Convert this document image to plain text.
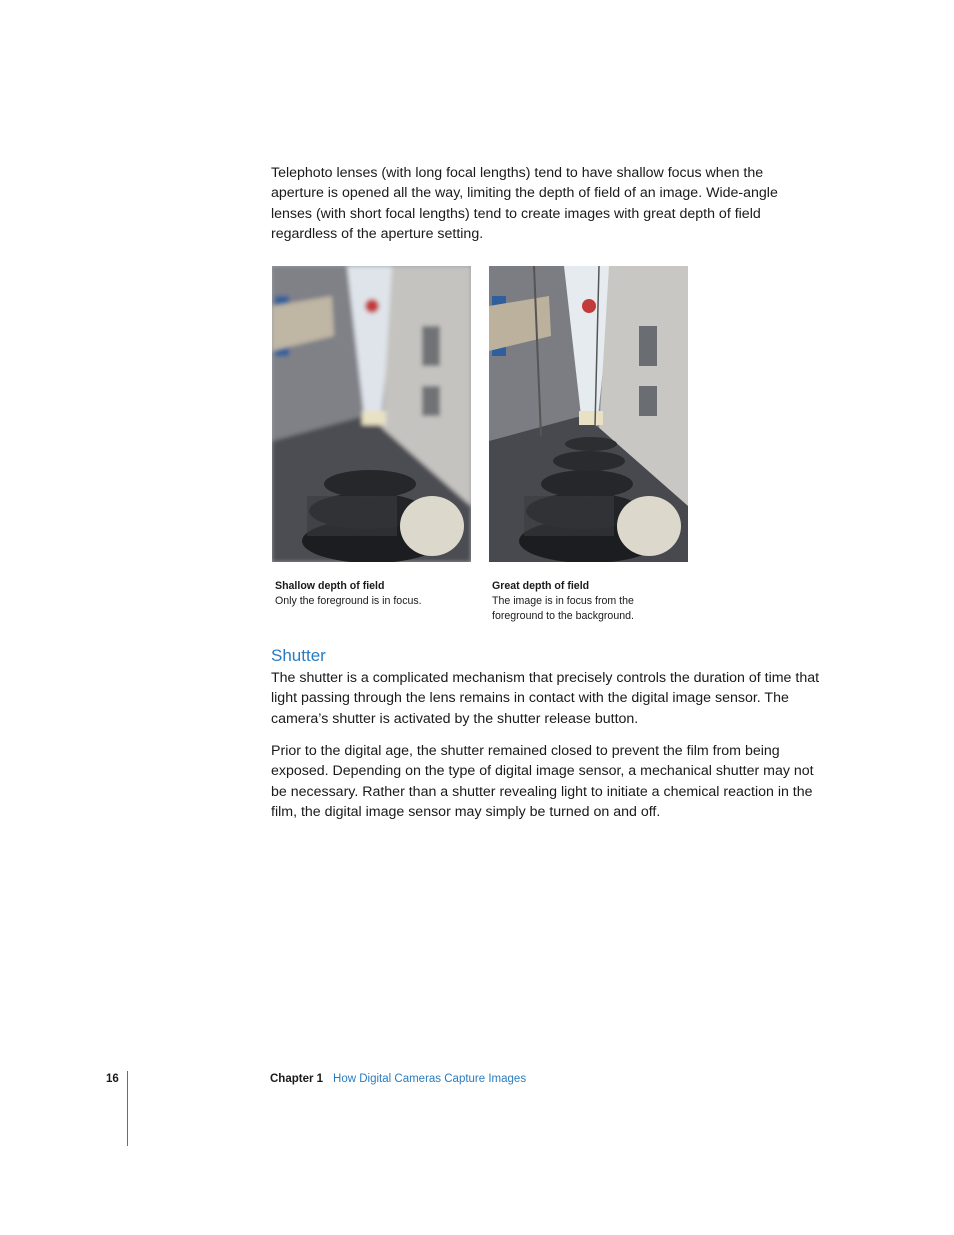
Telephoto lenses (with long focal lengths) tend to have shallow focus when the aperture is opened all the way, limiting the depth of field of an image. Wide-angle lenses (with short focal lengths) tend to create images with great depth of field regardless of the aperture setting.

Shallow depth of field
Only the foreground is in focus.
Great depth of field
The image is in focus from the foreground to the background.
Shutter

The shutter is a complicated mechanism that precisely controls the duration of time that light passing through the lens remains in contact with the digital image sensor. The camera’s shutter is activated by the shutter release button.

Prior to the digital age, the shutter remained closed to prevent the film from being exposed. Depending on the type of digital image sensor, a mechanical shutter may not be necessary. Rather than a shutter revealing light to initiate a chemical reaction in the film, the digital image sensor may simply be turned on and off.

16	Chapter 1 How Digital Cameras Capture Images
